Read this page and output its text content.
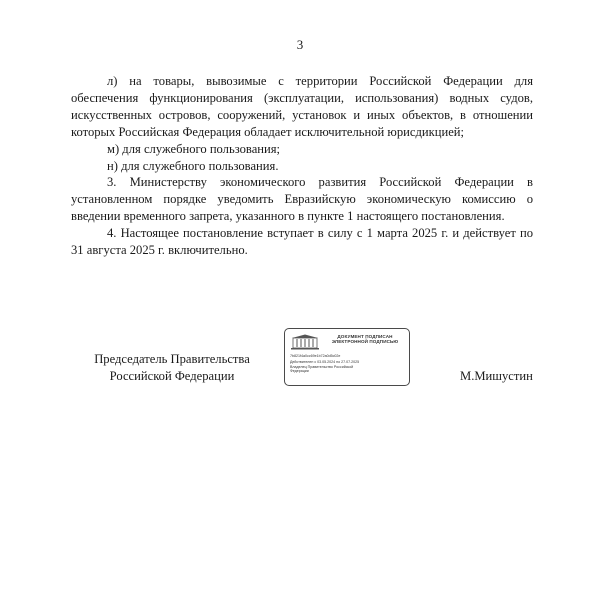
3

л) на товары, вывозимые с территории Российской Федерации для обеспечения функционирования (эксплуатации, использования) водных судов, искусственных островов, сооружений, установок и иных объектов, в отношении которых Российская Федерация обладает исключительной юрисдикцией;

м) для служебного пользования;

н) для служебного пользования.

3. Министерству экономического развития Российской Федерации в установленном порядке уведомить Евразийскую экономическую комиссию о введении временного запрета, указанного в пункте 1 настоящего постановления.

4. Настоящее постановление вступает в силу с 1 марта 2025 г. и действует по 31 августа 2025 г. включительно.

Председатель Правительства
Российской Федерации
ДОКУМЕНТ ПОДПИСАН
ЭЛЕКТРОННОЙ ПОДПИСЬЮ
7b821f4a0cc69e1b72a0d5c02e
Действителен с 03.05.2024 по 27.07.2025
Владелец Правительство Российской
Федерации	М.Мишустин
